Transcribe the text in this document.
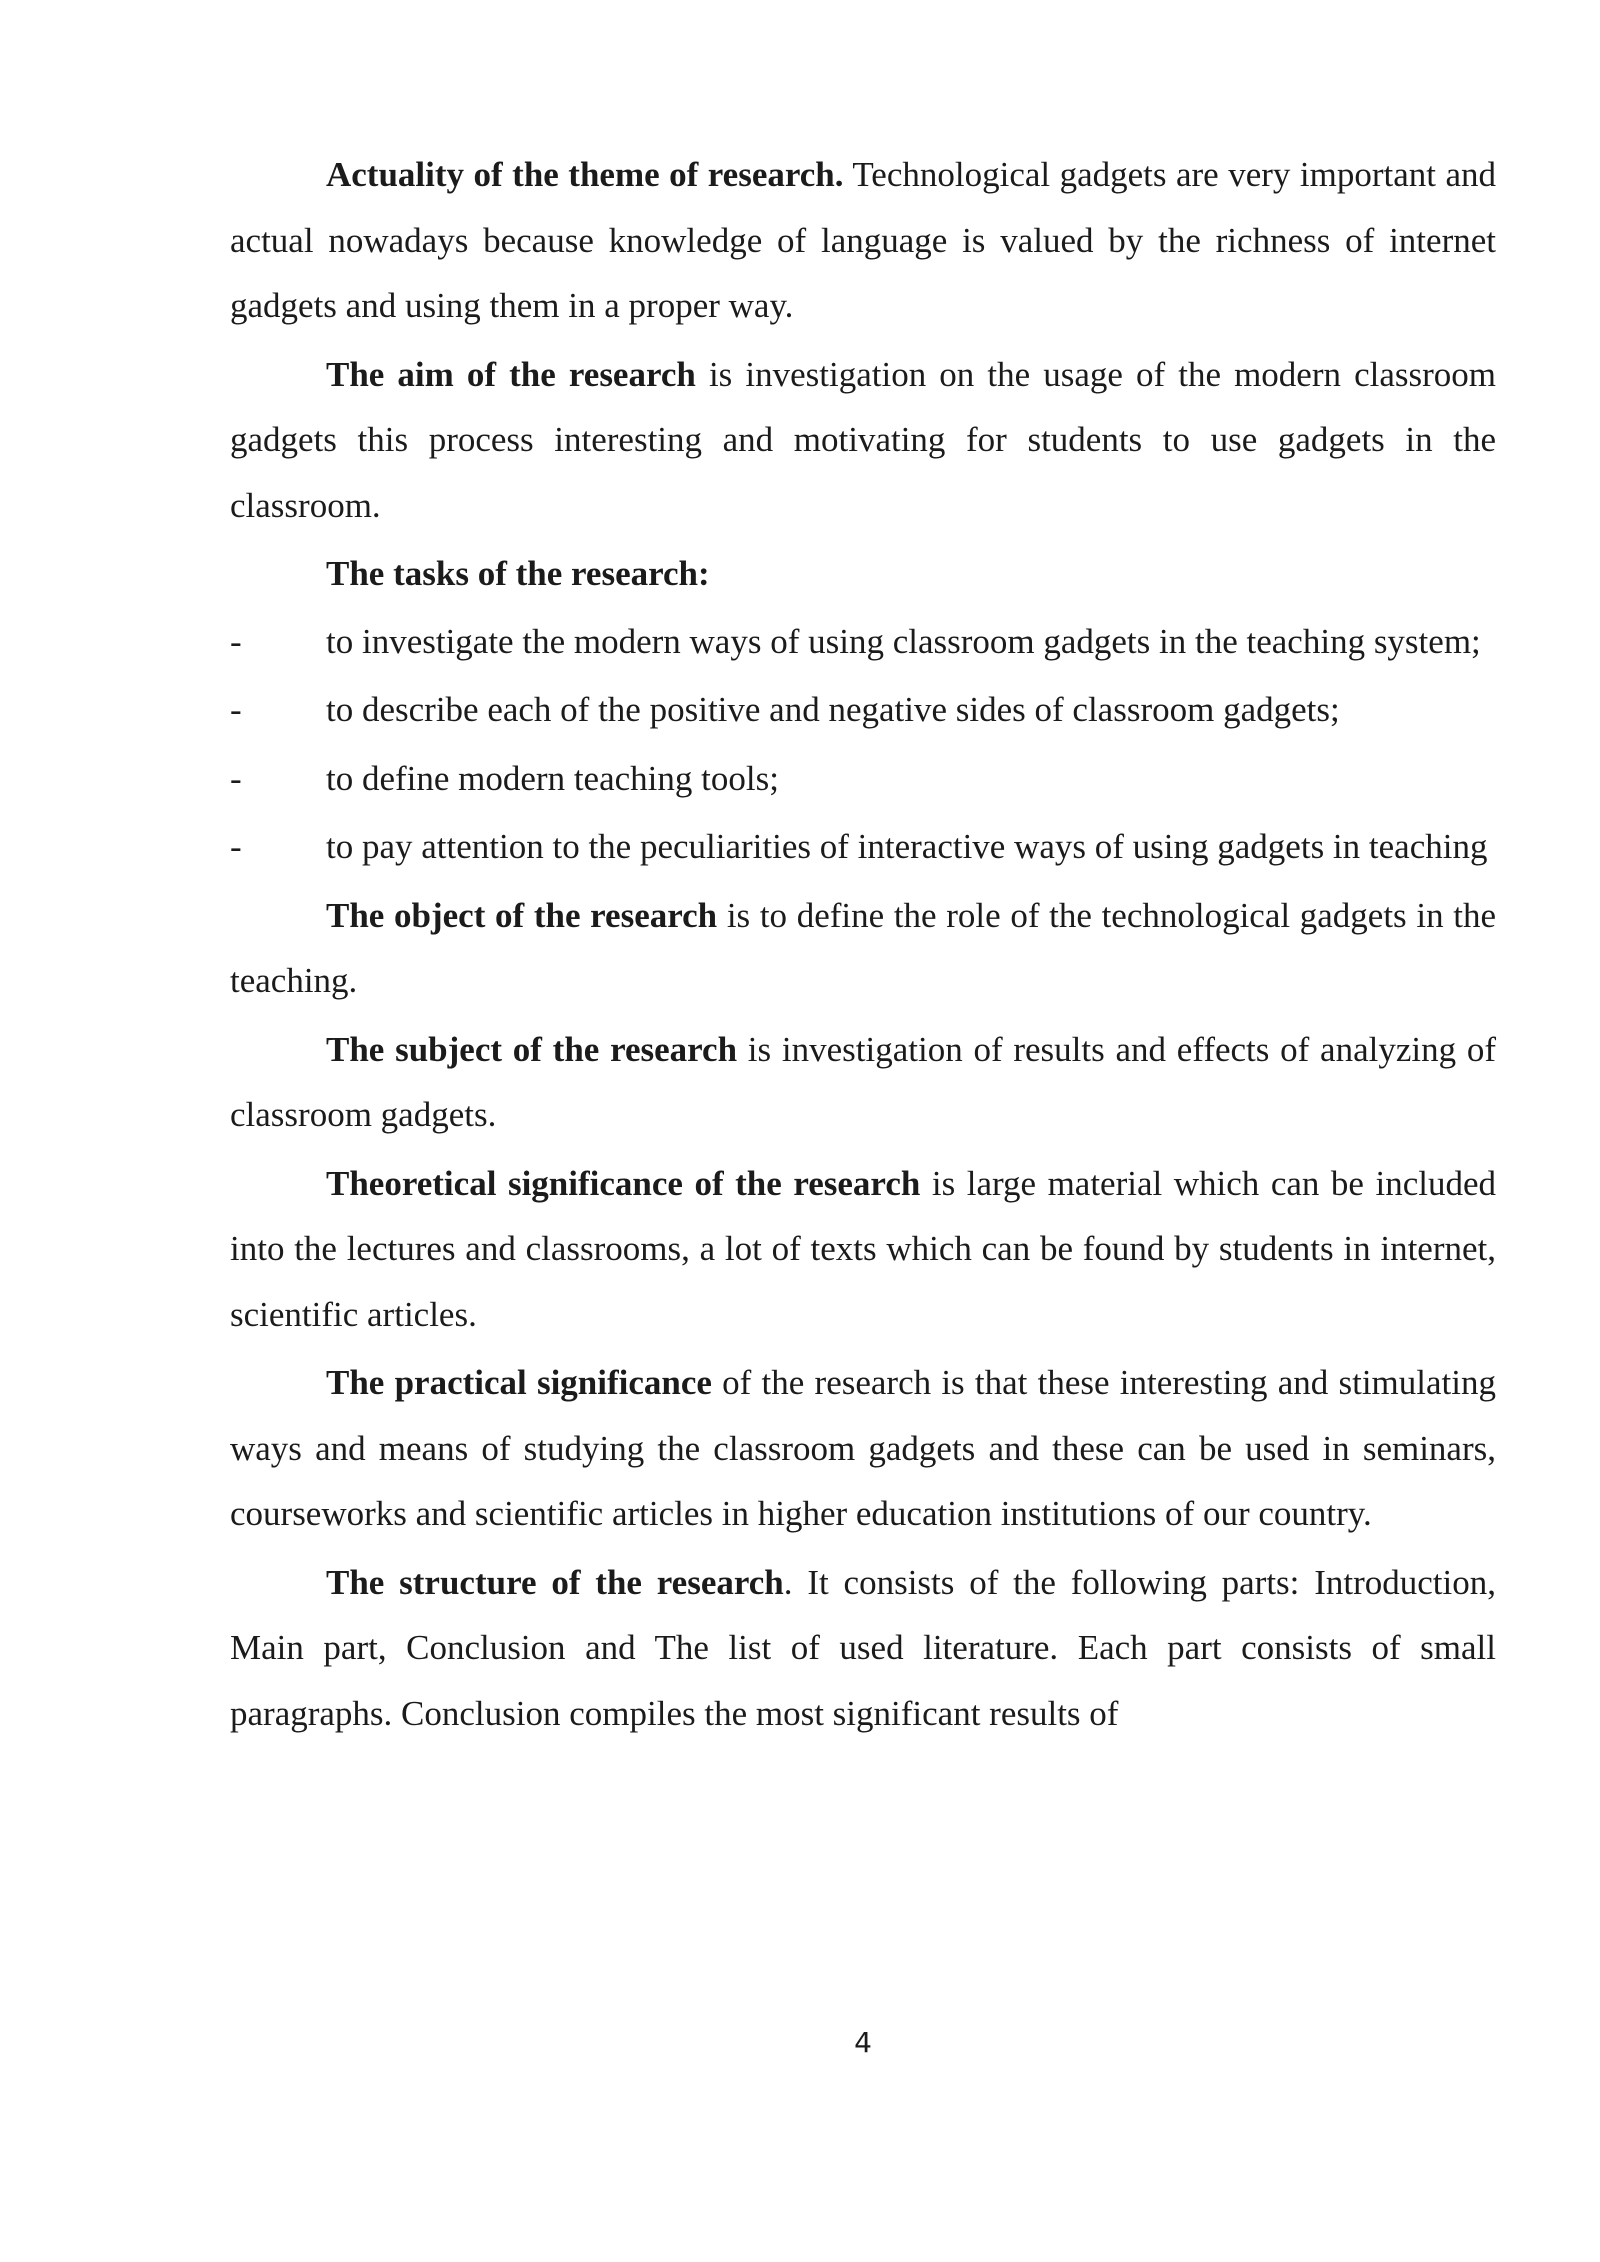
Actuality of the theme of research. Technological gadgets are very important and actual nowadays because knowledge of language is valued by the richness of internet gadgets and using them in a proper way.

The aim of the research is investigation on the usage of the modern classroom gadgets this process interesting and motivating for students to use gadgets in the classroom.

The tasks of the research:

- to investigate the modern ways of using classroom gadgets in the teaching system;

- to describe each of the positive and negative sides of classroom gadgets;

- to define modern teaching tools;

- to pay attention to the peculiarities of interactive ways of using gadgets in teaching

The object of the research is to define the role of the technological gadgets in the teaching.

The subject of the research is investigation of results and effects of analyzing of classroom gadgets.

Theoretical significance of the research is large material which can be included into the lectures and classrooms, a lot of texts which can be found by students in internet, scientific articles.

The practical significance of the research is that these interesting and stimulating ways and means of studying the classroom gadgets and these can be used in seminars, courseworks and scientific articles in higher education institutions of our country.

The structure of the research. It consists of the following parts: Introduction, Main part, Conclusion and The list of used literature. Each part consists of small paragraphs. Conclusion compiles the most significant results of

4
